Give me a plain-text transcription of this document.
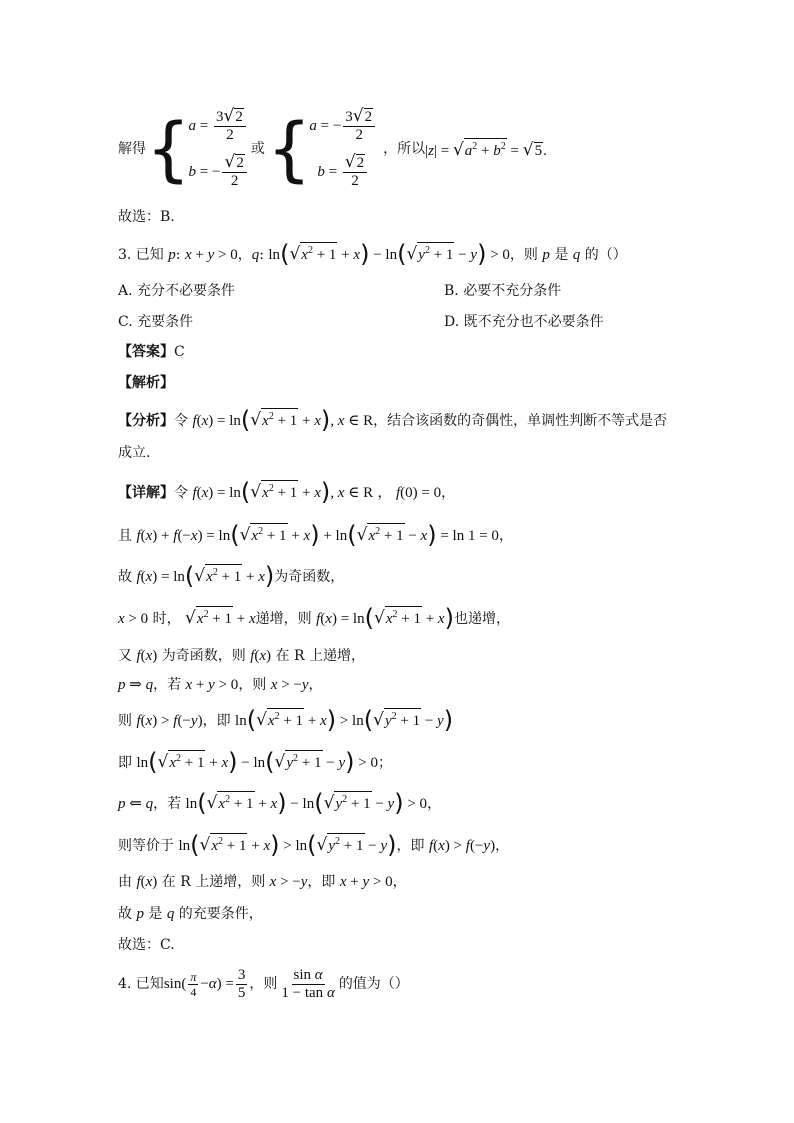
解得 {
$a = \frac{3√2}{2}$
b = − $\frac{√2}{2}$
或 {
a = − $\frac{3√2}{2}$
$b = \frac{√2}{2}$
，所以 $|z| = √a^2 + b^2 = √5$.
故选：B.
3. 已知 p: x + y > 0，q: $\ln(√x^2 + 1 + x) - \ln(√y^2 + 1 - y) > 0$，则 p 是 q 的（）
A. 充分不必要条件	B. 必要不充分条件
C. 充要条件	D. 既不充分也不必要条件
【答案】C
【解析】
【分析】令 $f(x) = \ln(√x^2 + 1 + x)$, x ∈ R，结合该函数的奇偶性，单调性判断不等式是否
成立.
【详解】令 $f(x) = \ln(√x^2 + 1 + x)$, x ∈ R ， f(0) = 0，
且 $f(x) + f(-x) = \ln(√x^2 + 1 + x) + \ln(√x^2 + 1 - x) = \ln 1 = 0$，
故 $f(x) = \ln(√x^2 + 1 + x)$为奇函数，
x > 0 时， $√x^2 + 1 + x$递增，则 $f(x) = \ln(√x^2 + 1 + x)$也递增，
又 f(x) 为奇函数，则 f(x) 在 R 上递增，
p ⇒ q，若 x + y > 0，则 x > −y，
则 f(x) > f(−y)，即 $\ln(√x^2 + 1 + x) > \ln(√y^2 + 1 - y)$
即 $\ln(√x^2 + 1 + x) - \ln(√y^2 + 1 - y) > 0$；
p ⇐ q，若 $\ln(√x^2 + 1 + x) - \ln(√y^2 + 1 - y) > 0$，
则等价于 $\ln(√x^2 + 1 + x) > \ln(√y^2 + 1 - y)$，即 f(x) > f(−y)，
由 f(x) 在 R 上递增，则 x > −y，即 x + y > 0，
故 p 是 q 的充要条件，
故选：C.
4. 已知 $\sin( \frac{\pi}{4} - \alpha$ ) = $\frac{3}{5}$ ，则 $\frac{\text{sin α}}{\text{1 − tan α}}$ 的值为（）
